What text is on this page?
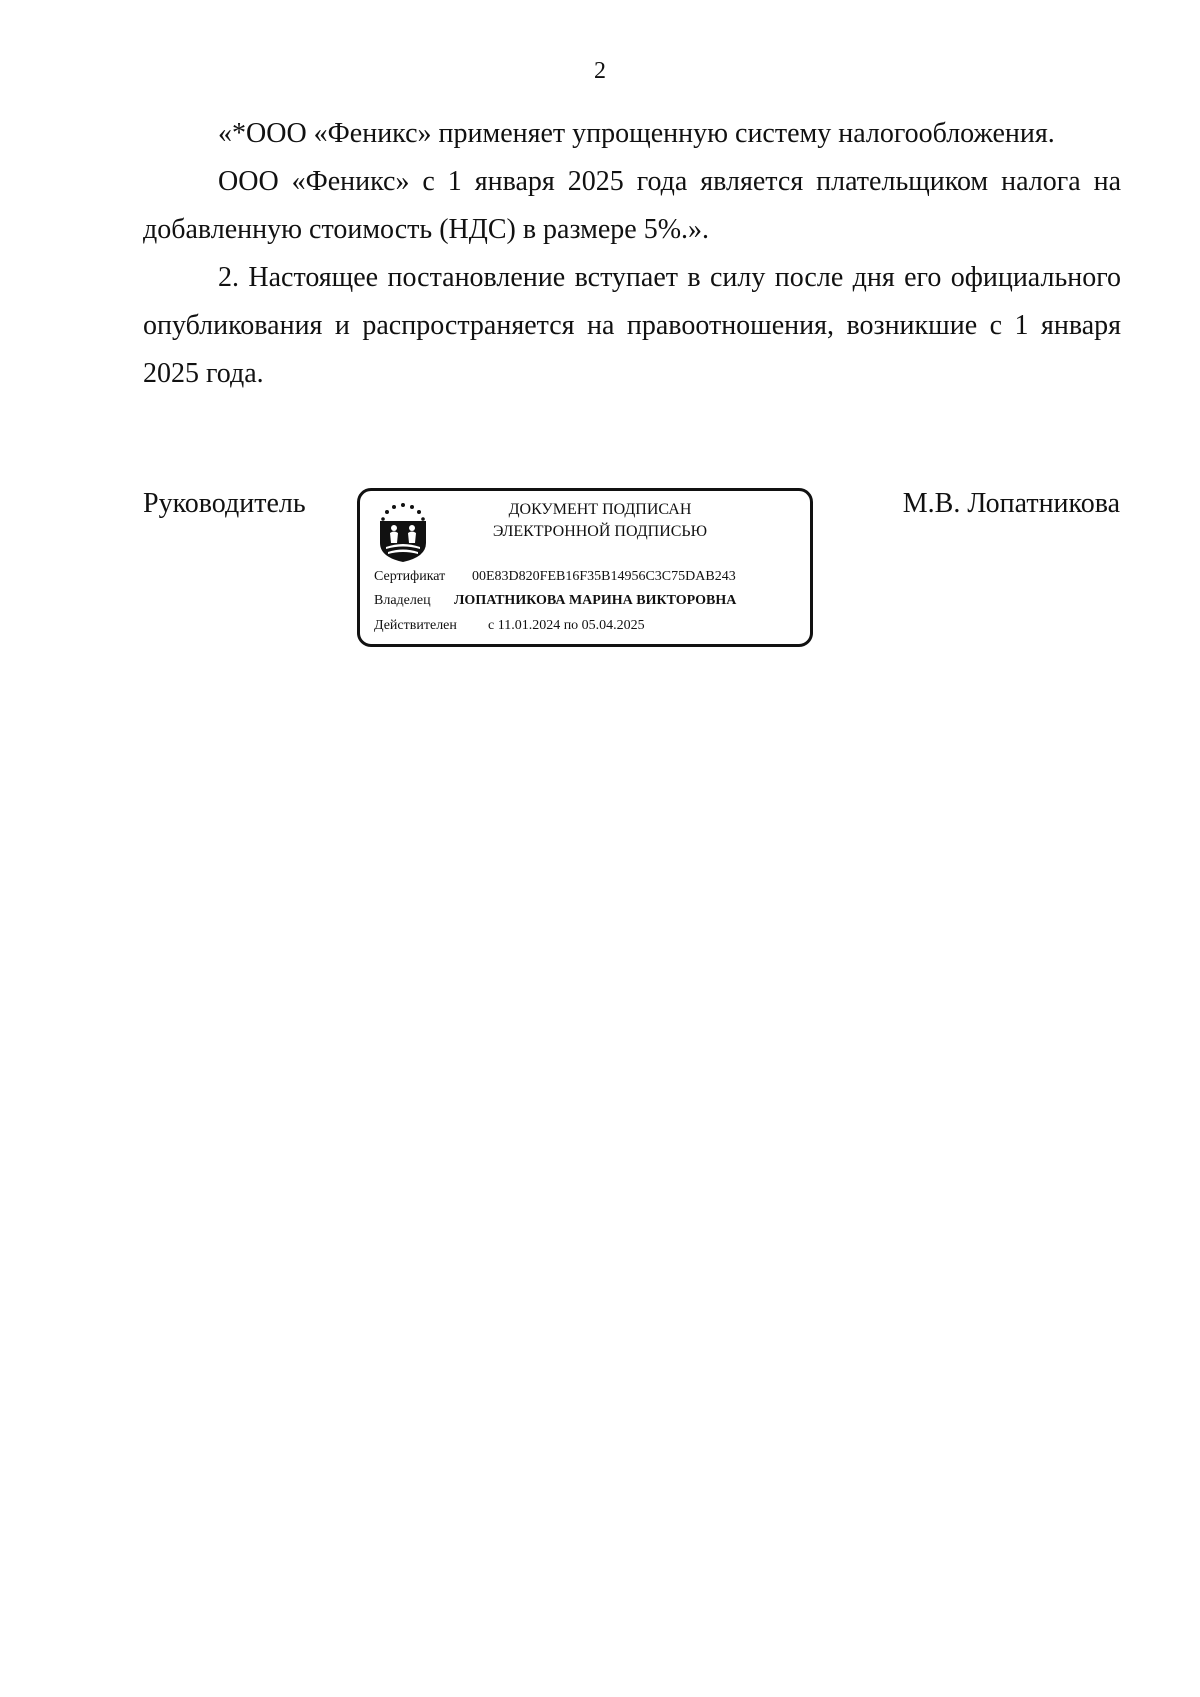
2

«*ООО «Феникс» применяет упрощенную систему налогообложения.

ООО «Феникс» с 1 января 2025 года является плательщиком налога на добавленную стоимость (НДС) в размере 5%.».

2. Настоящее постановление вступает в силу после дня его официального опубликования и распространяется на правоотношения, возникшие с 1 января 2025 года.

Руководитель	ДОКУМЕНТ ПОДПИСАН
ЭЛЕКТРОННОЙ ПОДПИСЬЮ
Сертификат 00E83D820FEB16F35B14956C3C75DAB243
Владелец ЛОПАТНИКОВА МАРИНА ВИКТОРОВНА
Действителен с 11.01.2024 по 05.04.2025
М.В. Лопатникова
